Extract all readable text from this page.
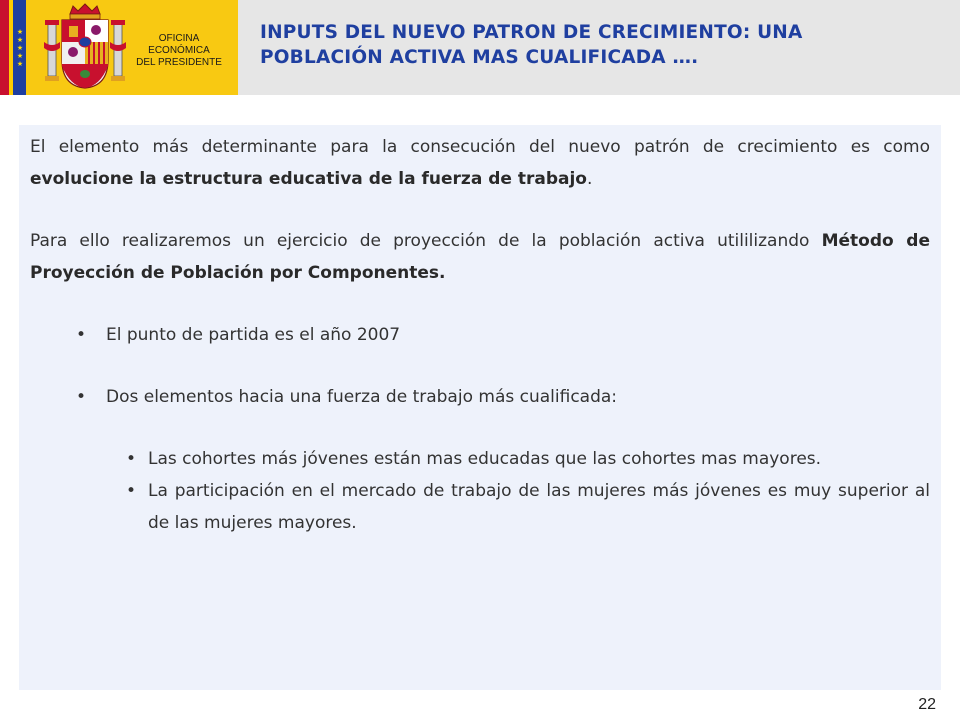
★
★
★
★
★
OFICINA
ECONÓMICA
DEL PRESIDENTE
INPUTS DEL NUEVO PATRON DE CRECIMIENTO: UNA
POBLACIÓN ACTIVA MAS CUALIFICADA ….

El elemento más determinante para la consecución del nuevo patrón de crecimiento es como evolucione la estructura educativa de la fuerza de trabajo.

Para ello realizaremos un ejercicio de proyección de la población activa utililizando Método de Proyección de Población por Componentes.

• El punto de partida es el año 2007
• Dos elementos hacia una fuerza de trabajo más cualificada:
• Las cohortes más jóvenes están mas educadas que las cohortes mas mayores.
• La participación en el mercado de trabajo de las mujeres más jóvenes es muy superior al de las mujeres mayores.
22
